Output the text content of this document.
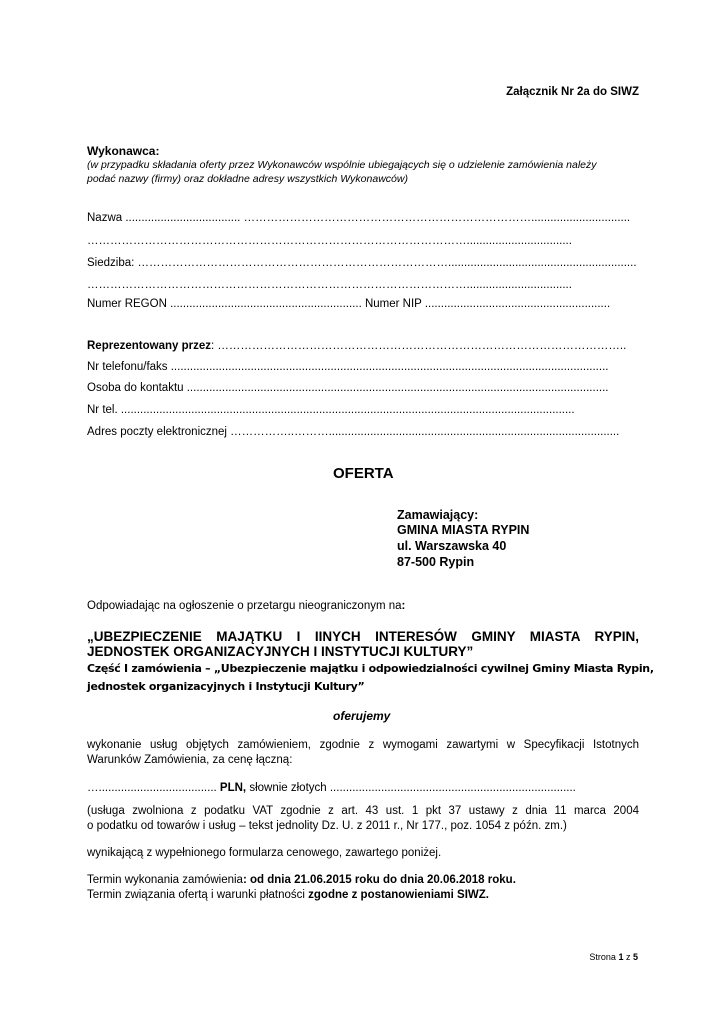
Załącznik Nr 2a do SIWZ
Wykonawca:
(w przypadku składania oferty przez Wykonawców wspólnie ubiegających się o udzielenie zamówienia należy
podać nazwy (firmy) oraz dokładne adresy wszystkich Wykonawców)
Nazwa .................................... …………………………………………………………………...............................
……………………………………………………………………………………….................................
Siedziba: ………………………………………………………………………...........................................................
……………………………………………………………………………………….................................
Numer REGON ............................................................ Numer NIP ..........................................................
Reprezentowany przez: ……………………………………………………………………………………………..
Nr telefonu/faks .........................................................................................................................................
Osoba do kontaktu ....................................................................................................................................
Nr tel. ..............................................................................................................................................
Adres poczty elektronicznej ……………..………...........................................................................................
OFERTA
Zamawiający:
GMINA MIASTA RYPIN
ul. Warszawska 40
87-500 Rypin
Odpowiadając na ogłoszenie o przetargu nieograniczonym na:
„UBEZPIECZENIE MAJĄTKU I IINYCH INTERESÓW GMINY MIASTA RYPIN,
JEDNOSTEK ORGANIZACYJNYCH I INSTYTUCJI KULTURY”
Część I zamówienia – „Ubezpieczenie majątku i odpowiedzialności cywilnej Gminy Miasta Rypin,
jednostek organizacyjnych i Instytucji Kultury”
oferujemy
wykonanie usług objętych zamówieniem, zgodnie z wymogami zawartymi w Specyfikacji Istotnych
Warunków Zamówienia, za cenę łączną:
…..................................... PLN, słownie złotych .............................................................................
(usługa zwolniona z podatku VAT zgodnie z art. 43 ust. 1 pkt 37 ustawy z dnia 11 marca 2004
o podatku od towarów i usług – tekst jednolity Dz. U. z 2011 r., Nr 177., poz. 1054 z późn. zm.)
wynikającą z wypełnionego formularza cenowego, zawartego poniżej.
Termin wykonania zamówienia: od dnia 21.06.2015 roku do dnia 20.06.2018 roku.
Termin związania ofertą i warunki płatności zgodne z postanowieniami SIWZ.
Strona 1 z 5
